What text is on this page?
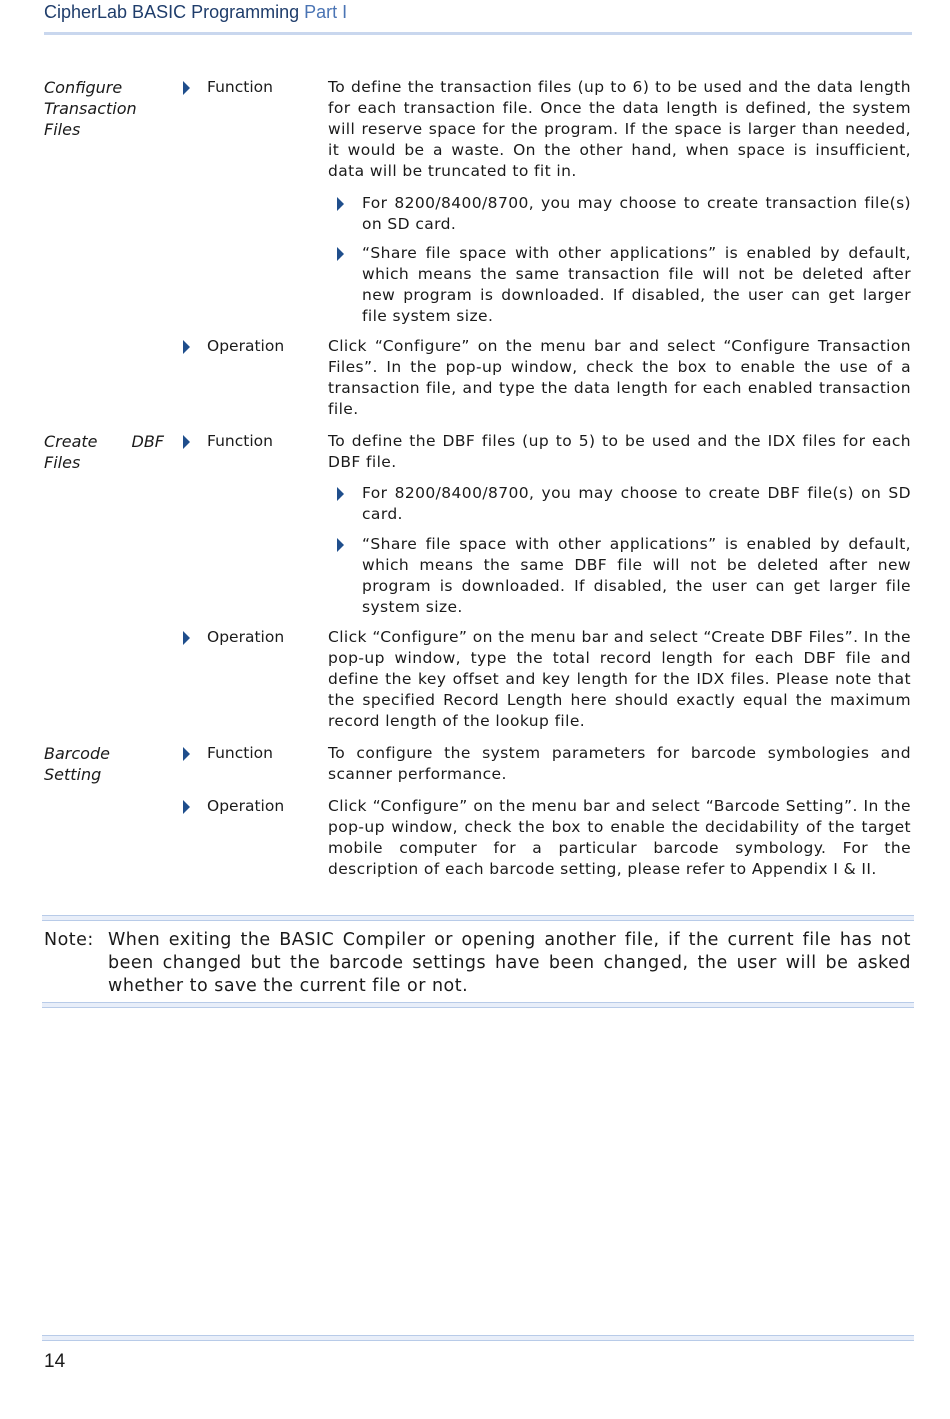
CipherLab BASIC Programming Part I
Configure Transaction Files
Function	To define the transaction files (up to 6) to be used and the data length for each transaction file. Once the data length is defined, the system will reserve space for the program. If the space is larger than needed, it would be a waste. On the other hand, when space is insufficient, data will be truncated to fit in.
For 8200/8400/8700, you may choose to create transaction file(s) on SD card.
“Share file space with other applications” is enabled by default, which means the same transaction file will not be deleted after new program is downloaded. If disabled, the user can get larger file system size.
Operation	Click “Configure” on the menu bar and select “Configure Transaction Files”. In the pop-up window, check the box to enable the use of a transaction file, and type the data length for each enabled transaction file.
Create DBF Files
Function	To define the DBF files (up to 5) to be used and the IDX files for each DBF file.
For 8200/8400/8700, you may choose to create DBF file(s) on SD card.
“Share file space with other applications” is enabled by default, which means the same DBF file will not be deleted after new program is downloaded. If disabled, the user can get larger file system size.
Operation	Click “Configure” on the menu bar and select “Create DBF Files”. In the pop-up window, type the total record length for each DBF file and define the key offset and key length for the IDX files. Please note that the specified Record Length here should exactly equal the maximum record length of the lookup file.
Barcode Setting
Function	To configure the system parameters for barcode symbologies and scanner performance.
Operation	Click “Configure” on the menu bar and select “Barcode Setting”. In the pop-up window, check the box to enable the decidability of the target mobile computer for a particular barcode symbology. For the description of each barcode setting, please refer to Appendix I & II.
Note: When exiting the BASIC Compiler or opening another file, if the current file has not been changed but the barcode settings have been changed, the user will be asked whether to save the current file or not.
14
